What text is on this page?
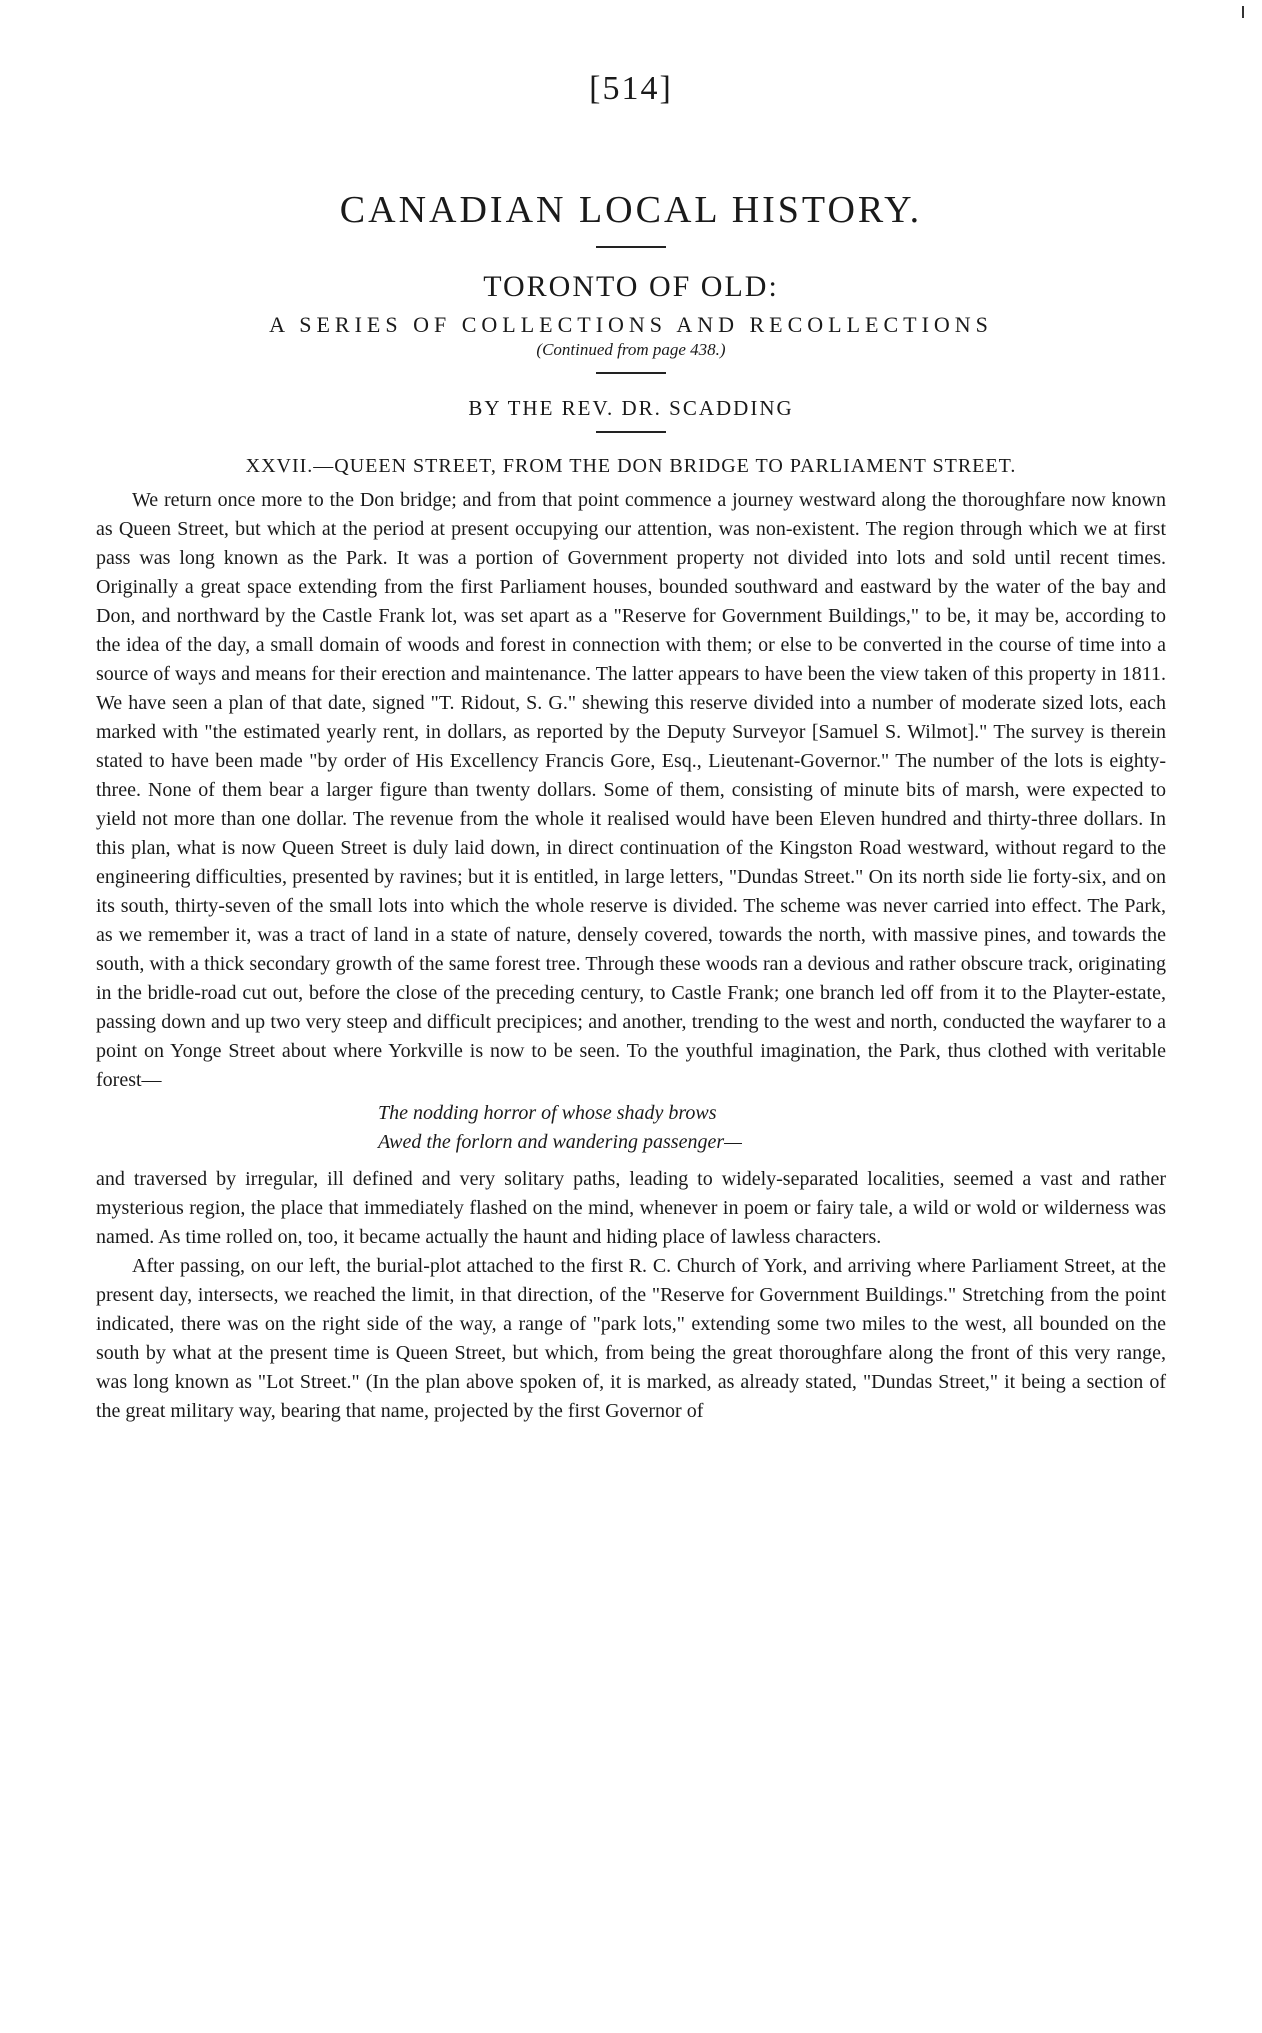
[514]
CANADIAN LOCAL HISTORY.
TORONTO OF OLD:
A SERIES OF COLLECTIONS AND RECOLLECTIONS
(Continued from page 438.)
BY THE REV. DR. SCADDING
XXVII.—QUEEN STREET, FROM THE DON BRIDGE TO PARLIAMENT STREET.

We return once more to the Don bridge; and from that point commence a journey westward along the thoroughfare now known as Queen Street, but which at the period at present occupying our attention, was non-existent. The region through which we at first pass was long known as the Park. It was a portion of Government property not divided into lots and sold until recent times. Originally a great space extending from the first Parliament houses, bounded southward and eastward by the water of the bay and Don, and northward by the Castle Frank lot, was set apart as a "Reserve for Government Buildings," to be, it may be, according to the idea of the day, a small domain of woods and forest in connection with them; or else to be converted in the course of time into a source of ways and means for their erection and maintenance. The latter appears to have been the view taken of this property in 1811. We have seen a plan of that date, signed "T. Ridout, S. G." shewing this reserve divided into a number of moderate sized lots, each marked with "the estimated yearly rent, in dollars, as reported by the Deputy Surveyor [Samuel S. Wilmot]." The survey is therein stated to have been made "by order of His Excellency Francis Gore, Esq., Lieutenant-Governor." The number of the lots is eighty-three. None of them bear a larger figure than twenty dollars. Some of them, consisting of minute bits of marsh, were expected to yield not more than one dollar. The revenue from the whole it realised would have been Eleven hundred and thirty-three dollars. In this plan, what is now Queen Street is duly laid down, in direct continuation of the Kingston Road westward, without regard to the engineering difficulties, presented by ravines; but it is entitled, in large letters, "Dundas Street." On its north side lie forty-six, and on its south, thirty-seven of the small lots into which the whole reserve is divided. The scheme was never carried into effect. The Park, as we remember it, was a tract of land in a state of nature, densely covered, towards the north, with massive pines, and towards the south, with a thick secondary growth of the same forest tree. Through these woods ran a devious and rather obscure track, originating in the bridle-road cut out, before the close of the preceding century, to Castle Frank; one branch led off from it to the Playter-estate, passing down and up two very steep and difficult precipices; and another, trending to the west and north, conducted the wayfarer to a point on Yonge Street about where Yorkville is now to be seen. To the youthful imagination, the Park, thus clothed with veritable forest—

The nodding horror of whose shady brows
Awed the forlorn and wandering passenger—

and traversed by irregular, ill defined and very solitary paths, leading to widely-separated localities, seemed a vast and rather mysterious region, the place that immediately flashed on the mind, whenever in poem or fairy tale, a wild or wold or wilderness was named. As time rolled on, too, it became actually the haunt and hiding place of lawless characters.

After passing, on our left, the burial-plot attached to the first R. C. Church of York, and arriving where Parliament Street, at the present day, intersects, we reached the limit, in that direction, of the "Reserve for Government Buildings." Stretching from the point indicated, there was on the right side of the way, a range of "park lots," extending some two miles to the west, all bounded on the south by what at the present time is Queen Street, but which, from being the great thoroughfare along the front of this very range, was long known as "Lot Street." (In the plan above spoken of, it is marked, as already stated, "Dundas Street," it being a section of the great military way, bearing that name, projected by the first Governor of
